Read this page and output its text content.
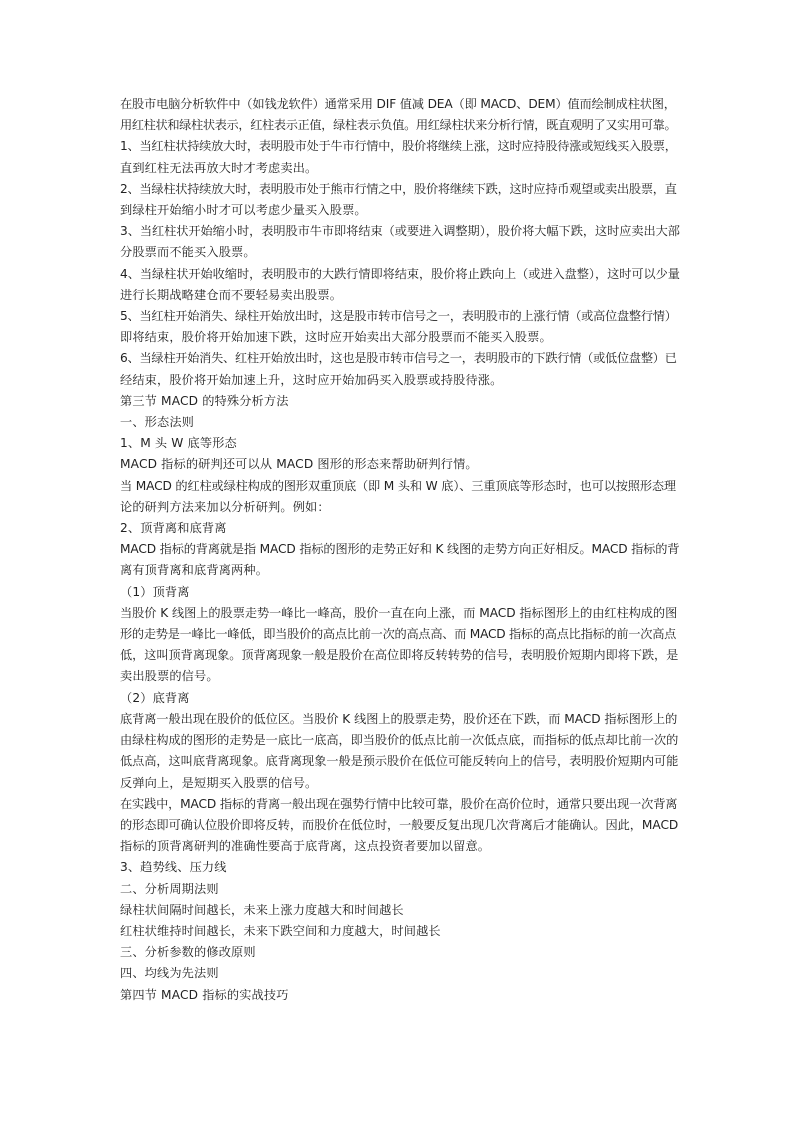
在股市电脑分析软件中（如钱龙软件）通常采用 DIF 值减 DEA（即 MACD、DEM）值而绘制成柱状图，
用红柱状和绿柱状表示，红柱表示正值，绿柱表示负值。用红绿柱状来分析行情，既直观明了又实用可靠。
1、当红柱状持续放大时，表明股市处于牛市行情中，股价将继续上涨，这时应持股待涨或短线买入股票，
直到红柱无法再放大时才考虑卖出。
2、当绿柱状持续放大时，表明股市处于熊市行情之中，股价将继续下跌，这时应持币观望或卖出股票，直
到绿柱开始缩小时才可以考虑少量买入股票。
3、当红柱状开始缩小时，表明股市牛市即将结束（或要进入调整期），股价将大幅下跌，这时应卖出大部
分股票而不能买入股票。
4、当绿柱状开始收缩时，表明股市的大跌行情即将结束，股价将止跌向上（或进入盘整），这时可以少量
进行长期战略建仓而不要轻易卖出股票。
5、当红柱开始消失、绿柱开始放出时，这是股市转市信号之一，表明股市的上涨行情（或高位盘整行情）
即将结束，股价将开始加速下跌，这时应开始卖出大部分股票而不能买入股票。
6、当绿柱开始消失、红柱开始放出时，这也是股市转市信号之一，表明股市的下跌行情（或低位盘整）已
经结束，股价将开始加速上升，这时应开始加码买入股票或持股待涨。
第三节 MACD 的特殊分析方法
一、形态法则
1、M 头 W 底等形态
MACD 指标的研判还可以从 MACD 图形的形态来帮助研判行情。
当 MACD 的红柱或绿柱构成的图形双重顶底（即 M 头和 W 底）、三重顶底等形态时，也可以按照形态理
论的研判方法来加以分析研判。例如：
2、顶背离和底背离
MACD 指标的背离就是指 MACD 指标的图形的走势正好和 K 线图的走势方向正好相反。MACD 指标的背
离有顶背离和底背离两种。
（1）顶背离
当股价 K 线图上的股票走势一峰比一峰高，股价一直在向上涨，而 MACD 指标图形上的由红柱构成的图
形的走势是一峰比一峰低，即当股价的高点比前一次的高点高、而 MACD 指标的高点比指标的前一次高点
低，这叫顶背离现象。顶背离现象一般是股价在高位即将反转转势的信号，表明股价短期内即将下跌，是
卖出股票的信号。
（2）底背离
底背离一般出现在股价的低位区。当股价 K 线图上的股票走势，股价还在下跌，而 MACD 指标图形上的
由绿柱构成的图形的走势是一底比一底高，即当股价的低点比前一次低点底，而指标的低点却比前一次的
低点高，这叫底背离现象。底背离现象一般是预示股价在低位可能反转向上的信号，表明股价短期内可能
反弹向上，是短期买入股票的信号。
在实践中，MACD 指标的背离一般出现在强势行情中比较可靠，股价在高价位时，通常只要出现一次背离
的形态即可确认位股价即将反转，而股价在低位时，一般要反复出现几次背离后才能确认。因此，MACD
指标的顶背离研判的准确性要高于底背离，这点投资者要加以留意。
3、趋势线、压力线
二、分析周期法则
绿柱状间隔时间越长，未来上涨力度越大和时间越长
红柱状维持时间越长，未来下跌空间和力度越大，时间越长
三、分析参数的修改原则
四、均线为先法则
第四节 MACD 指标的实战技巧
